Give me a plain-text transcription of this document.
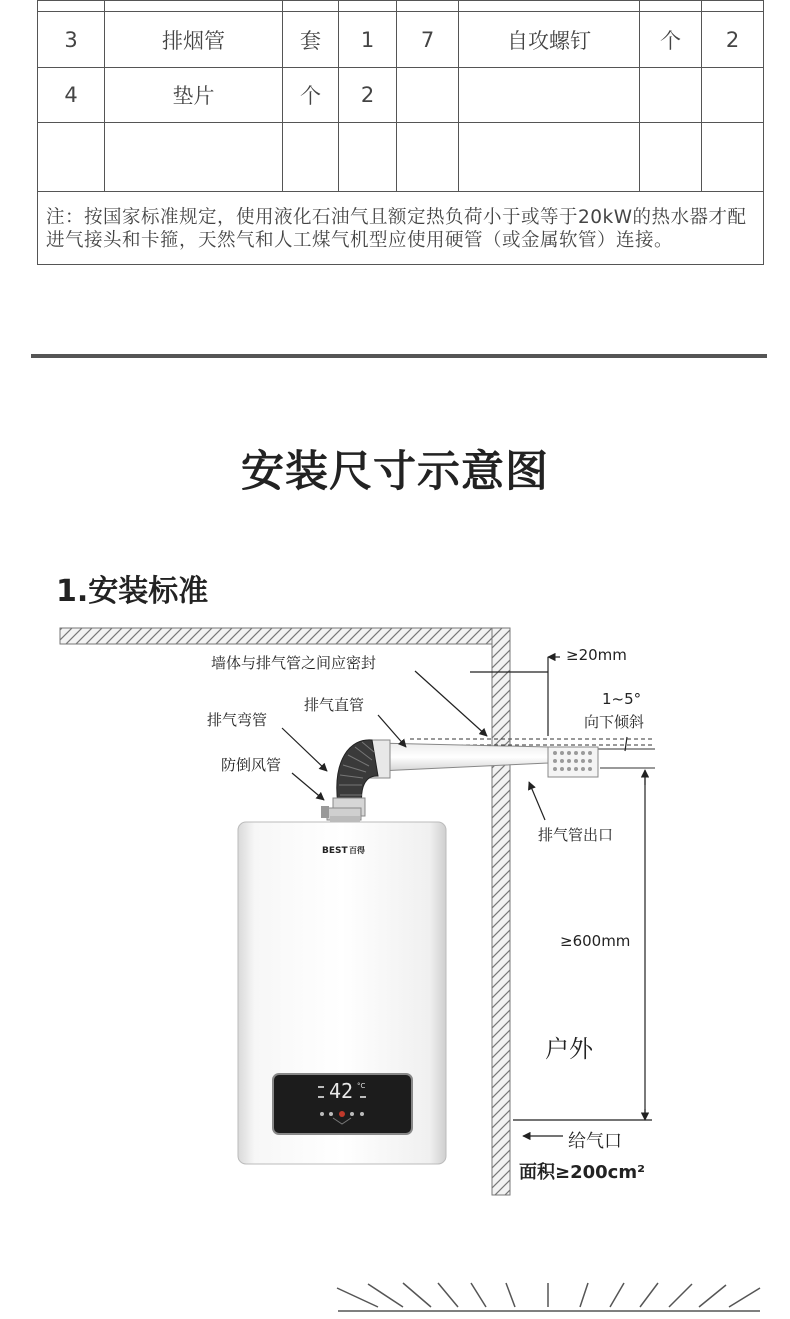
3	排烟管	套	1	7	自攻螺钉	个	2
4	垫片	个	2				

注：按国家标准规定，使用液化石油气且额定热负荷小于或等于20kW的热水器才配进气接头和卡箍，天然气和人工煤气机型应使用硬管（或金属软管）连接。							
安装尺寸示意图
1.安装标准
BEST 百得
42 °C
墙体与排气管之间应密封
排气直管
排气弯管
防倒风管
≥20mm
1~5°
向下倾斜
排气管出口
≥600mm
户外
给气口
面积≥200cm²
